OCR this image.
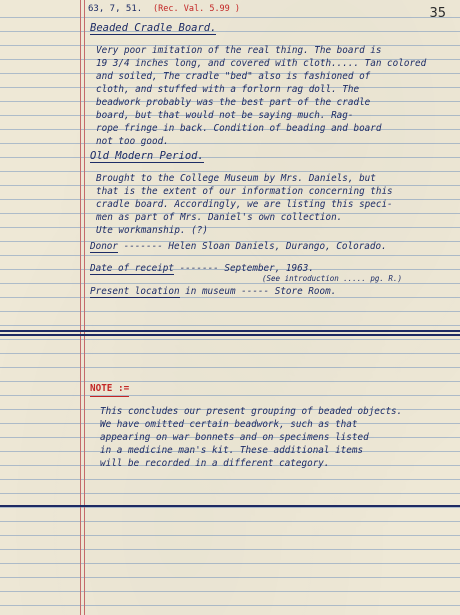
63, 7, 51. (Rec. Val. 5.99 )	35
Beaded Cradle Board.
Very poor imitation of the real thing. The board is
19 3/4 inches long, and covered with cloth..... Tan colored
and soiled, The cradle "bed" also is fashioned of
cloth, and stuffed with a forlorn rag doll. The
beadwork probably was the best part of the cradle
board, but that would not be saying much. Rag-
rope fringe in back. Condition of beading and board
not too good.
Old Modern Period.
Brought to the College Museum by Mrs. Daniels, but
that is the extent of our information concerning this
cradle board. Accordingly, we are listing this speci-
men as part of Mrs. Daniel's own collection.
Ute workmanship. (?)
Donor ------- Helen Sloan Daniels, Durango, Colorado.
Date of receipt ------- September, 1963.
(See introduction ..... pg. R.)
Present location in museum ----- Store Room.
NOTE :=
This concludes our present grouping of beaded objects.
We have omitted certain beadwork, such as that
appearing on war bonnets and on specimens listed
in a medicine man's kit. These additional items
will be recorded in a different category.
